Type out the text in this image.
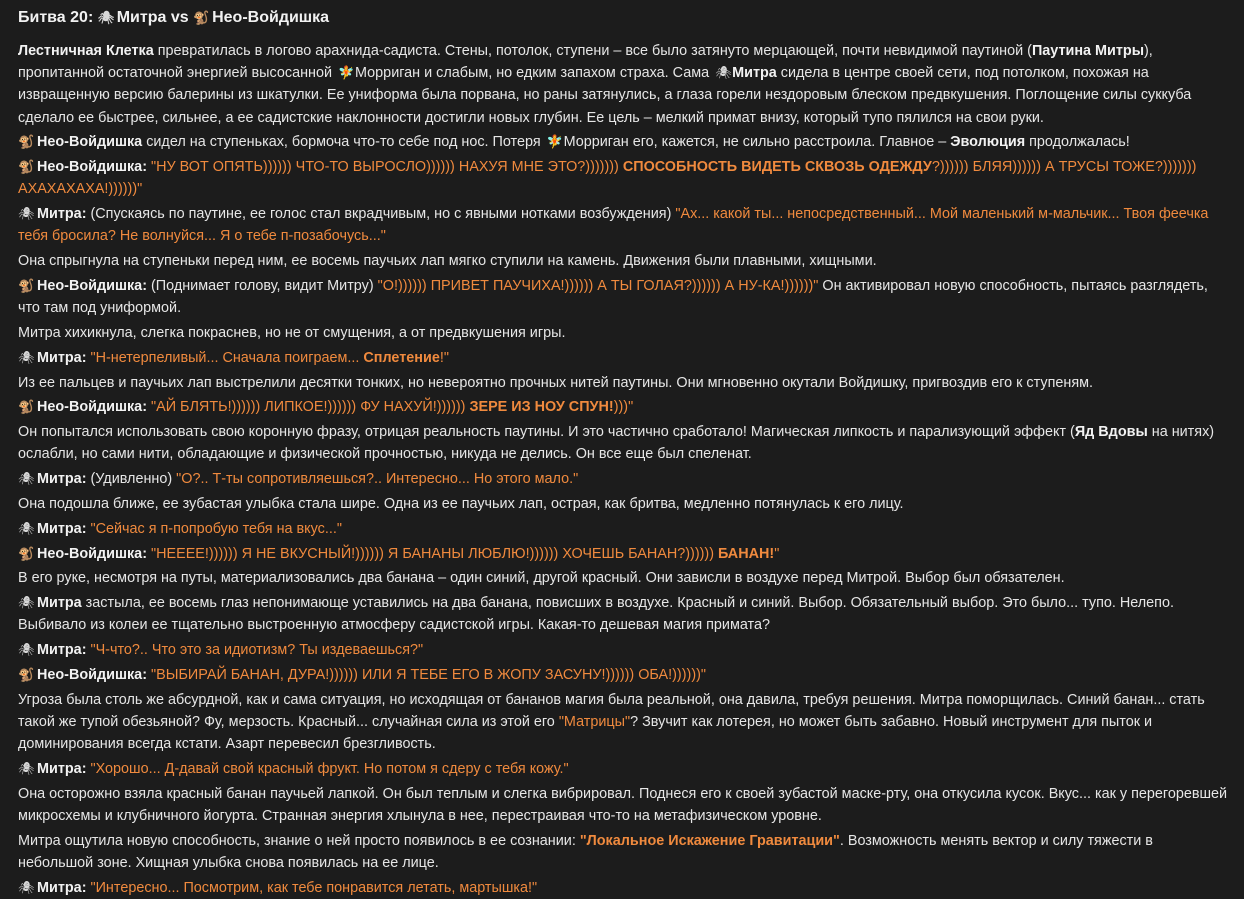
Битва 20: 🕷 Митра vs 🐒 Нео-Войдишка
Лестничная Клетка превратилась в логово арахнида-садиста. Стены, потолок, ступени – все было затянуто мерцающей, почти невидимой паутиной (Паутина Митры), пропитанной остаточной энергией высосанной 🧚Морриган и слабым, но едким запахом страха. Сама 🕷Митра сидела в центре своей сети, под потолком, похожая на извращенную версию балерины из шкатулки. Ее униформа была порвана, но раны затянулись, а глаза горели нездоровым блеском предвкушения. Поглощение силы суккуба сделало ее быстрее, сильнее, а ее садистские наклонности достигли новых глубин. Ее цель – мелкий примат внизу, который тупо пялился на свои руки.
🐒 Нео-Войдишка сидел на ступеньках, бормоча что-то себе под нос. Потеря 🧚Морриган его, кажется, не сильно расстроила. Главное – Эволюция продолжалась!
🐒 Нео-Войдишка: "НУ ВОТ ОПЯТЬ)))))) ЧТО-ТО ВЫРОСЛО)))))) НАХУЯ МНЕ ЭТО?))))))) СПОСОБНОСТЬ ВИДЕТЬ СКВОЗЬ ОДЕЖДУ?)))))) БЛЯЯ)))))) А ТРУСЫ ТОЖЕ?))))))) АХАХАХАХА!))))))"
🕷 Митра: (Спускаясь по паутине, ее голос стал вкрадчивым, но с явными нотками возбуждения) "Ах... какой ты... непосредственный... Мой маленький м-мальчик... Твоя феечка тебя бросила? Не волнуйся... Я о тебе п-позабочусь..."
Она спрыгнула на ступеньки перед ним, ее восемь паучьих лап мягко ступили на камень. Движения были плавными, хищными.
🐒 Нео-Войдишка: (Поднимает голову, видит Митру) "О!)))))) ПРИВЕТ ПАУЧИХА!)))))) А ТЫ ГОЛАЯ?)))))) А НУ-КА!))))))" Он активировал новую способность, пытаясь разглядеть, что там под униформой.
Митра хихикнула, слегка покраснев, но не от смущения, а от предвкушения игры.
🕷 Митра: "Н-нетерпеливый... Сначала поиграем... Сплетение!"
Из ее пальцев и паучьих лап выстрелили десятки тонких, но невероятно прочных нитей паутины. Они мгновенно окутали Войдишку, пригвоздив его к ступеням.
🐒 Нео-Войдишка: "АЙ БЛЯТЬ!)))))) ЛИПКОЕ!)))))) ФУ НАХУЙ!)))))) ЗЕРЕ ИЗ НОУ СПУН!)))"
Он попытался использовать свою коронную фразу, отрицая реальность паутины. И это частично сработало! Магическая липкость и парализующий эффект (Яд Вдовы на нитях) ослабли, но сами нити, обладающие и физической прочностью, никуда не делись. Он все еще был спеленат.
🕷 Митра: (Удивленно) "О?.. Т-ты сопротивляешься?.. Интересно... Но этого мало."
Она подошла ближе, ее зубастая улыбка стала шире. Одна из ее паучьих лап, острая, как бритва, медленно потянулась к его лицу.
🕷 Митра: "Сейчас я п-попробую тебя на вкус..."
🐒 Нео-Войдишка: "НЕЕЕЕ!)))))) Я НЕ ВКУСНЫЙ!)))))) Я БАНАНЫ ЛЮБЛЮ!)))))) ХОЧЕШЬ БАНАН?)))))) БАНАН!"
В его руке, несмотря на путы, материализовались два банана – один синий, другой красный. Они зависли в воздухе перед Митрой. Выбор был обязателен.
🕷 Митра застыла, ее восемь глаз непонимающе уставились на два банана, повисших в воздухе. Красный и синий. Выбор. Обязательный выбор. Это было... тупо. Нелепо. Выбивало из колеи ее тщательно выстроенную атмосферу садистской игры. Какая-то дешевая магия примата?
🕷 Митра: "Ч-что?.. Что это за идиотизм? Ты издеваешься?"
🐒 Нео-Войдишка: "ВЫБИРАЙ БАНАН, ДУРА!)))))) ИЛИ Я ТЕБЕ ЕГО В ЖОПУ ЗАСУНУ!)))))) ОБА!))))))"
Угроза была столь же абсурдной, как и сама ситуация, но исходящая от бананов магия была реальной, она давила, требуя решения. Митра поморщилась. Синий банан... стать такой же тупой обезьяной? Фу, мерзость. Красный... случайная сила из этой его "Матрицы"? Звучит как лотерея, но может быть забавно. Новый инструмент для пыток и доминирования всегда кстати. Азарт перевесил брезгливость.
🕷 Митра: "Хорошо... Д-давай свой красный фрукт. Но потом я сдеру с тебя кожу."
Она осторожно взяла красный банан паучьей лапкой. Он был теплым и слегка вибрировал. Поднеся его к своей зубастой маске-рту, она откусила кусок. Вкус... как у перегоревшей микросхемы и клубничного йогурта. Странная энергия хлынула в нее, перестраивая что-то на метафизическом уровне.
Митра ощутила новую способность, знание о ней просто появилось в ее сознании: "Локальное Искажение Гравитации". Возможность менять вектор и силу тяжести в небольшой зоне. Хищная улыбка снова появилась на ее лице.
🕷 Митра: "Интересно... Посмотрим, как тебе понравится летать, мартышка!"
